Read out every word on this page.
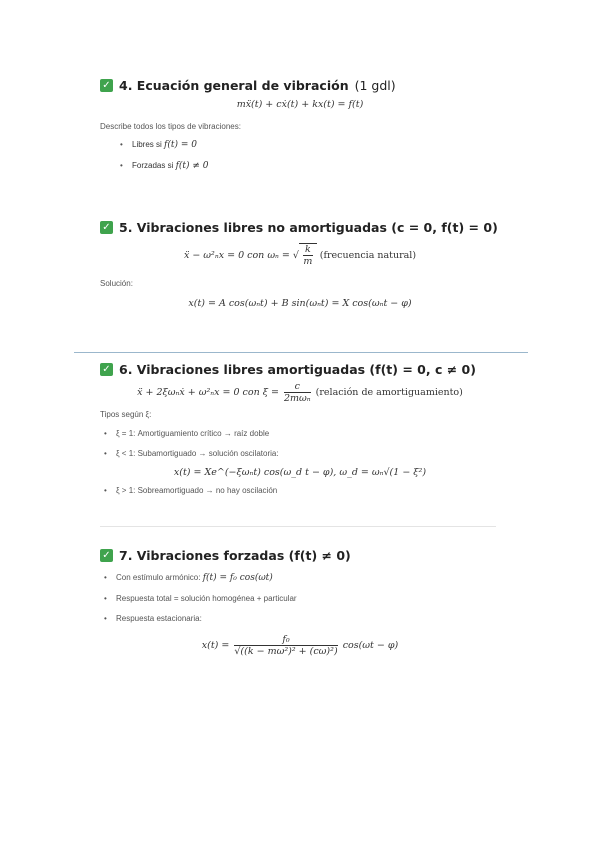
✓ 4. Ecuación general de vibración (1 gdl)
mẍ(t) + cẋ(t) + kx(t) = f(t)
Describe todos los tipos de vibraciones:
• Libres si f(t) = 0
• Forzadas si f(t) ≠ 0
✓ 5. Vibraciones libres no amortiguadas (c = 0, f(t) = 0)
ẍ − ω²ₙx = 0 con ωₙ = √ $\frac{k}{m}$ (frecuencia natural)
Solución:
x(t) = A cos(ωₙt) + B sin(ωₙt) = X cos(ωₙt − φ)
✓ 6. Vibraciones libres amortiguadas (f(t) = 0, c ≠ 0)
ẍ + 2ξωₙẋ + ω²ₙx = 0 con $\xi = \frac{c}{\text{2mωₙ}}$ (relación de amortiguamiento)
Tipos según ξ:
• ξ = 1: Amortiguamiento crítico → raíz doble
• ξ < 1: Subamortiguado → solución oscilatoria:
x(t) = Xe^(−ξωₙt) cos(ω_d t − φ), ω_d = ωₙ√(1 − ξ²)
• ξ > 1: Sobreamortiguado → no hay oscilación
✓ 7. Vibraciones forzadas (f(t) ≠ 0)
• Con estímulo armónico: f(t) = f₀ cos(ωt)
• Respuesta total = solución homogénea + particular
• Respuesta estacionaria:
$x(t) = \frac{\text{f₀}}{\text{√((k − mω²)² + (cω)²)}} \cos(\omega t - \varphi)$
